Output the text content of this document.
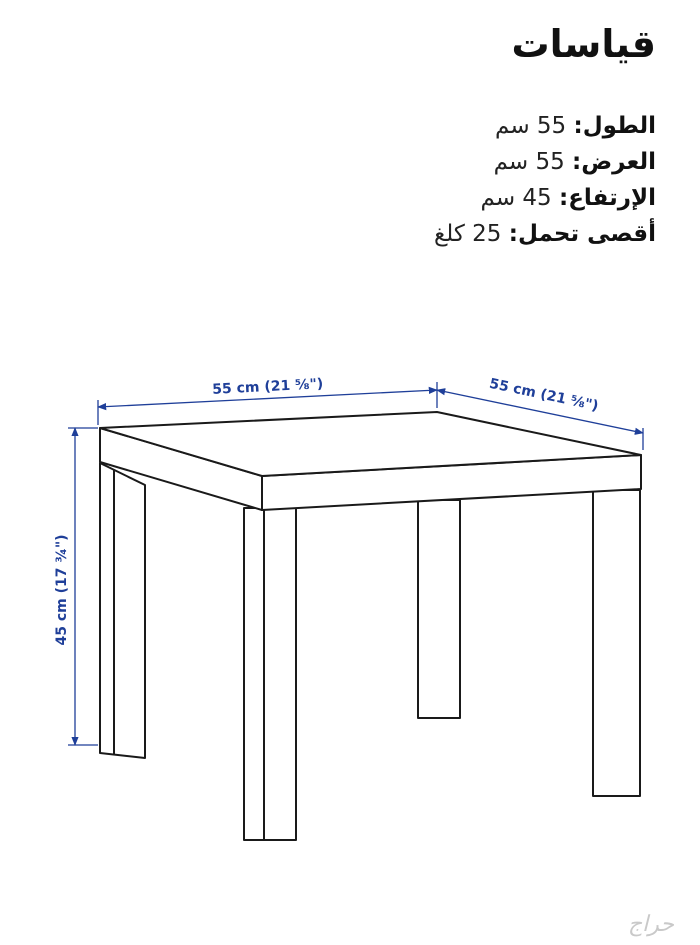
قياسات
الطول: 55 سم
العرض: 55 سم
الإرتفاع: 45 سم
أقصى تحمل: 25 كلغ
55 cm (21 ⅝")	55 cm (21 ⅝")
45 cm (17 ¾")
حراج
